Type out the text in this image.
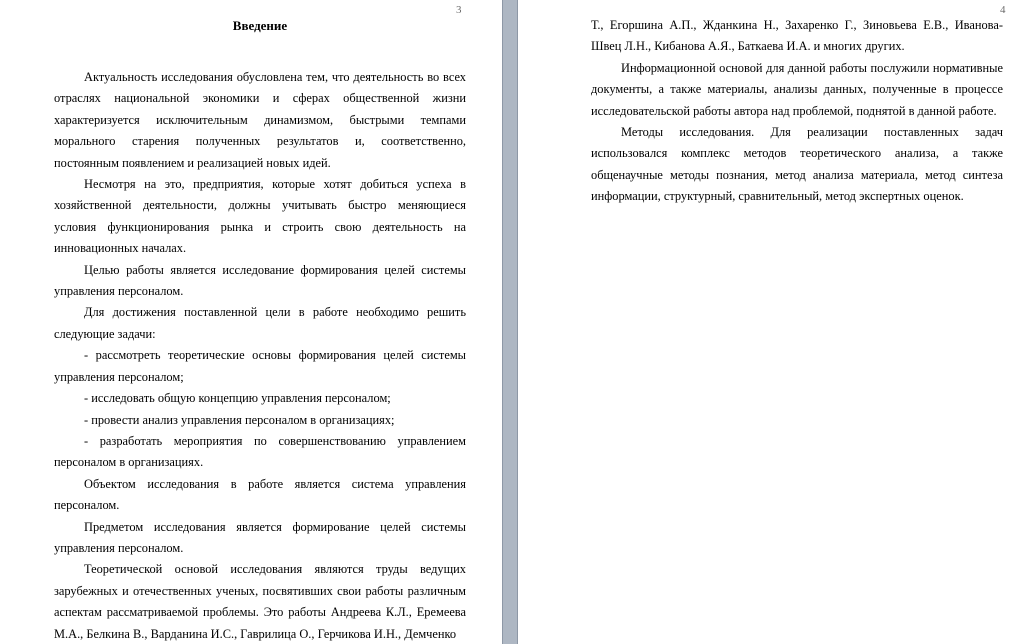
3
Введение

Актуальность исследования обусловлена тем, что деятельность во всех отраслях национальной экономики и сферах общественной жизни характеризуется исключительным динамизмом, быстрыми темпами морального старения полученных результатов и, соответственно, постоянным появлением и реализацией новых идей.

Несмотря на это, предприятия, которые хотят добиться успеха в хозяйственной деятельности, должны учитывать быстро меняющиеся условия функционирования рынка и строить свою деятельность на инновационных началах.

Целью работы является исследование формирования целей системы управления персоналом.

Для достижения поставленной цели в работе необходимо решить следующие задачи:

- рассмотреть теоретические основы формирования целей системы управления персоналом;

- исследовать общую концепцию управления персоналом;

- провести анализ управления персоналом в организациях;

- разработать мероприятия по совершенствованию управлением персоналом в организациях.

Объектом исследования в работе является система управления персоналом.

Предметом исследования является формирование целей системы управления персоналом.

Теоретической основой исследования являются труды ведущих зарубежных и отечественных ученых, посвятивших свои работы различным аспектам рассматриваемой проблемы. Это работы Андреева К.Л., Еремеева М.А., Белкина В., Варданина И.С., Гаврилица О., Герчикова И.Н., Демченко

4

Т., Егоршина А.П., Жданкина Н., Захаренко Г., Зиновьева Е.В., Иванова-Швец Л.Н., Кибанова А.Я., Баткаева И.А. и многих других.

Информационной основой для данной работы послужили нормативные документы, а также материалы, анализы данных, полученные в процессе исследовательской работы автора над проблемой, поднятой в данной работе.

Методы исследования. Для реализации поставленных задач использовался комплекс методов теоретического анализа, а также общенаучные методы познания, метод анализа материала, метод синтеза информации, структурный, сравнительный, метод экспертных оценок.
